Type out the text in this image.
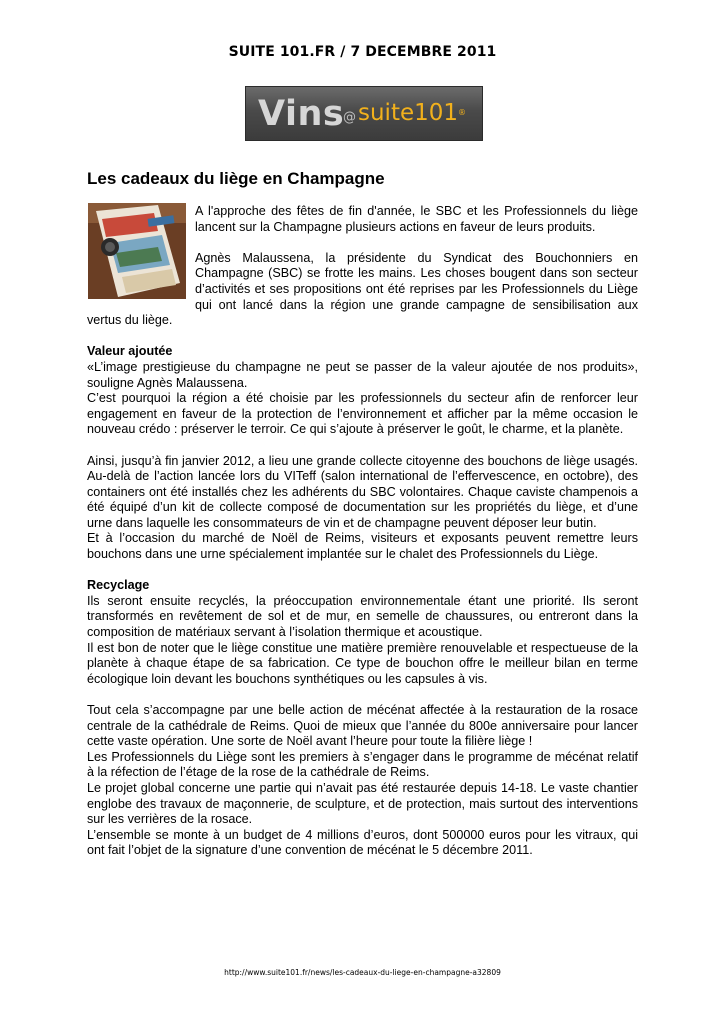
SUITE 101.FR / 7 DECEMBRE 2011
Vins
@ suite101®
Les cadeaux du liège en Champagne

A l'approche des fêtes de fin d'année, le SBC et les Professionnels du liège lancent sur la Champagne plusieurs actions en faveur de leurs produits.

Agnès Malaussena, la présidente du Syndicat des Bouchonniers en Champagne (SBC) se frotte les mains. Les choses bougent dans son secteur d’activités et ses propositions ont été reprises par les Professionnels du Liège qui ont lancé dans la région une grande campagne de sensibilisation aux vertus du liège.

Valeur ajoutée

«L’image prestigieuse du champagne ne peut se passer de la valeur ajoutée de nos produits», souligne Agnès Malaussena.

C’est pourquoi la région a été choisie par les professionnels du secteur afin de renforcer leur engagement en faveur de la protection de l’environnement et afficher par la même occasion le nouveau crédo : préserver le terroir. Ce qui s’ajoute à préserver le goût, le charme, et la planète.

Ainsi, jusqu’à fin janvier 2012, a lieu une grande collecte citoyenne des bouchons de liège usagés. Au-delà de l’action lancée lors du VITeff (salon international de l’effervescence, en octobre), des containers ont été installés chez les adhérents du SBC volontaires. Chaque caviste champenois a été équipé d’un kit de collecte composé de documentation sur les propriétés du liège, et d’une urne dans laquelle les consommateurs de vin et de champagne peuvent déposer leur butin.

Et à l’occasion du marché de Noël de Reims, visiteurs et exposants peuvent remettre leurs bouchons dans une urne spécialement implantée sur le chalet des Professionnels du Liège.

Recyclage

Ils seront ensuite recyclés, la préoccupation environnementale étant une priorité. Ils seront transformés en revêtement de sol et de mur, en semelle de chaussures, ou entreront dans la composition de matériaux servant à l’isolation thermique et acoustique.

Il est bon de noter que le liège constitue une matière première renouvelable et respectueuse de la planète à chaque étape de sa fabrication. Ce type de bouchon offre le meilleur bilan en terme écologique loin devant les bouchons synthétiques ou les capsules à vis.

Tout cela s’accompagne par une belle action de mécénat affectée à la restauration de la rosace centrale de la cathédrale de Reims. Quoi de mieux que l’année du 800e anniversaire pour lancer cette vaste opération. Une sorte de Noël avant l’heure pour toute la filière liège !

Les Professionnels du Liège sont les premiers à s’engager dans le programme de mécénat relatif à la réfection de l’étage de la rose de la cathédrale de Reims.

Le projet global concerne une partie qui n’avait pas été restaurée depuis 14-18. Le vaste chantier englobe des travaux de maçonnerie, de sculpture, et de protection, mais surtout des interventions sur les verrières de la rosace.

L’ensemble se monte à un budget de 4 millions d’euros, dont 500000 euros pour les vitraux, qui ont fait l’objet de la signature d’une convention de mécénat le 5 décembre 2011.

http://www.suite101.fr/news/les-cadeaux-du-liege-en-champagne-a32809
